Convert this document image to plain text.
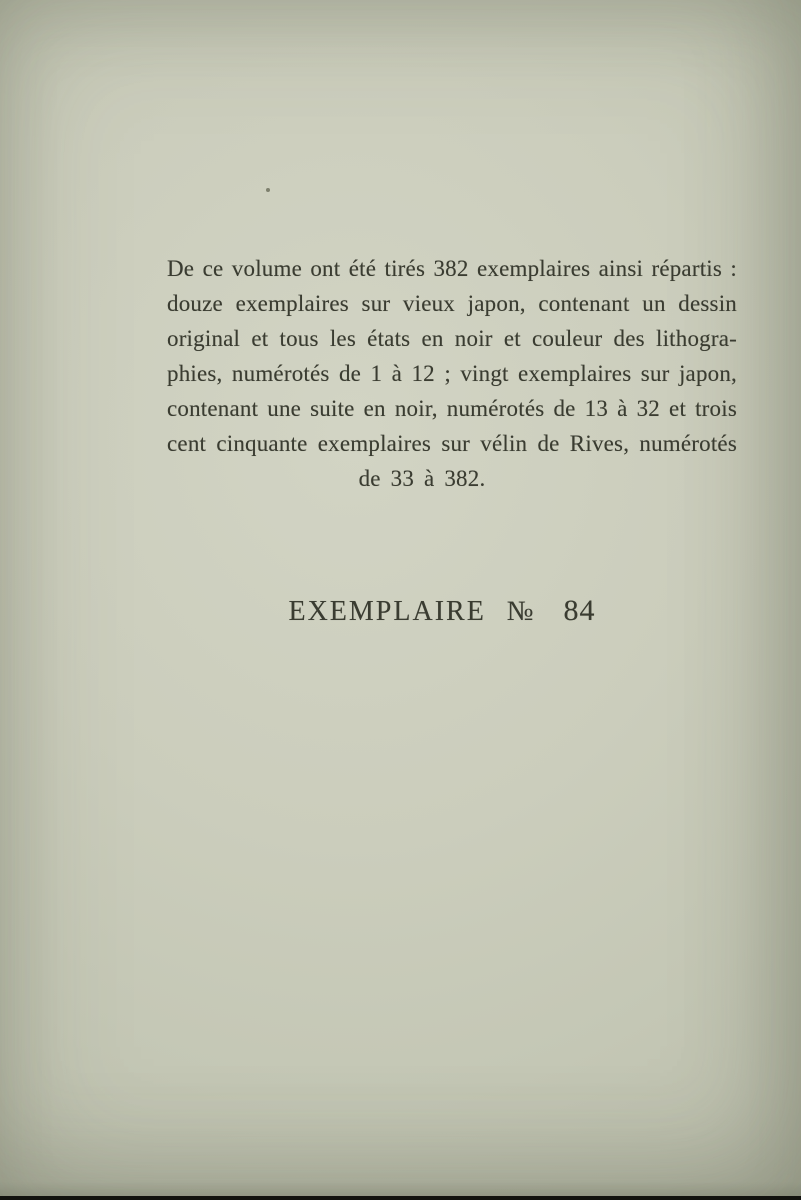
De ce volume ont été tirés 382 exemplaires ainsi répartis :
douze exemplaires sur vieux japon, contenant un dessin
original et tous les états en noir et couleur des lithogra-
phies, numérotés de 1 à 12 ; vingt exemplaires sur japon,
contenant une suite en noir, numérotés de 13 à 32 et trois
cent cinquante exemplaires sur vélin de Rives, numérotés
de 33 à 382.
EXEMPLAIRE № 84
